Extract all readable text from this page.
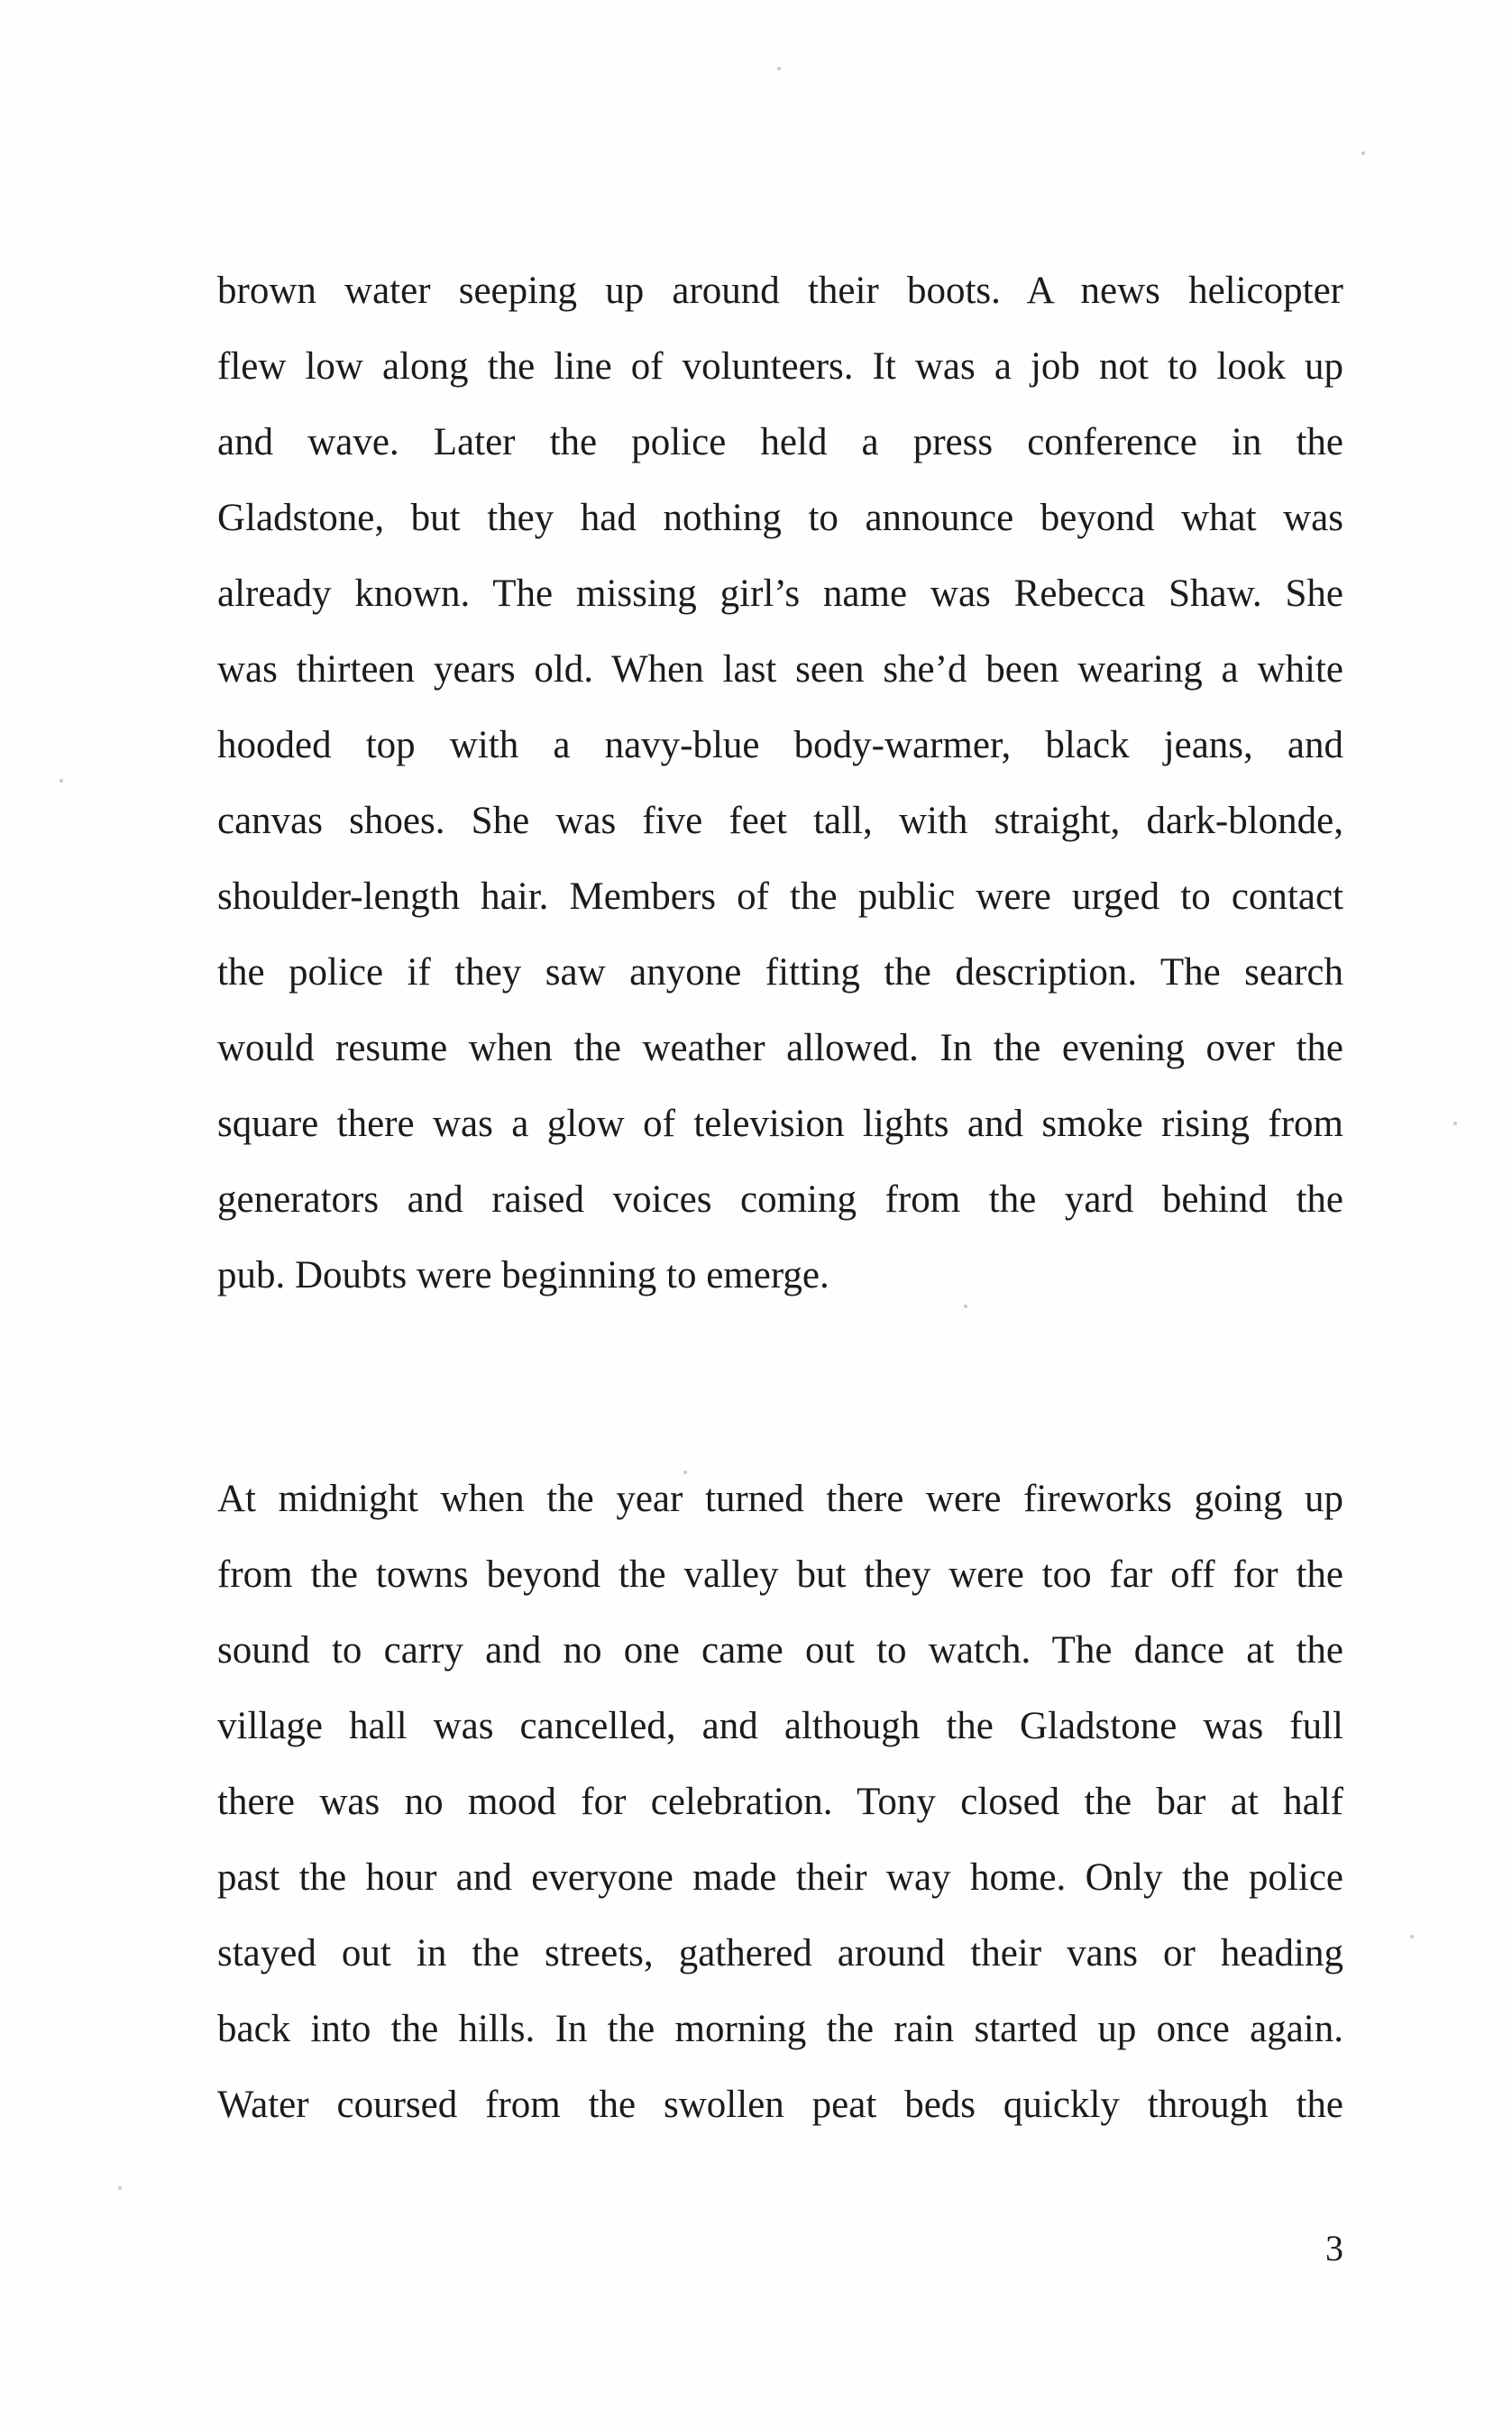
brown water seeping up around their boots. A news helicopter
flew low along the line of volunteers. It was a job not to look up
and wave. Later the police held a press conference in the
Gladstone, but they had nothing to announce beyond what was
already known. The missing girl’s name was Rebecca Shaw. She
was thirteen years old. When last seen she’d been wearing a white
hooded top with a navy-blue body-warmer, black jeans, and
canvas shoes. She was five feet tall, with straight, dark-blonde,
shoulder-length hair. Members of the public were urged to contact
the police if they saw anyone fitting the description. The search
would resume when the weather allowed. In the evening over the
square there was a glow of television lights and smoke rising from
generators and raised voices coming from the yard behind the
pub. Doubts were beginning to emerge.
At midnight when the year turned there were fireworks going up
from the towns beyond the valley but they were too far off for the
sound to carry and no one came out to watch. The dance at the
village hall was cancelled, and although the Gladstone was full
there was no mood for celebration. Tony closed the bar at half
past the hour and everyone made their way home. Only the police
stayed out in the streets, gathered around their vans or heading
back into the hills. In the morning the rain started up once again.
Water coursed from the swollen peat beds quickly through the
3
